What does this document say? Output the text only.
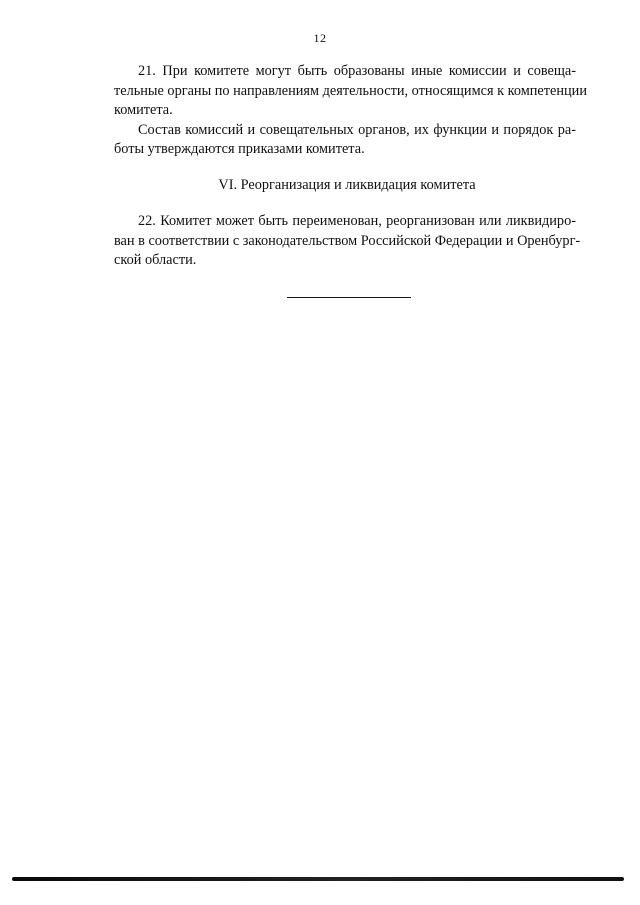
12
21. При комитете могут быть образованы иные комиссии и совеща-
тельные органы по направлениям деятельности, относящимся к компетенции
комитета.
Состав комиссий и совещательных органов, их функции и порядок ра-
боты утверждаются приказами комитета.
VI. Реорганизация и ликвидация комитета
22. Комитет может быть переименован, реорганизован или ликвидиро-
ван в соответствии с законодательством Российской Федерации и Оренбург-
ской области.
